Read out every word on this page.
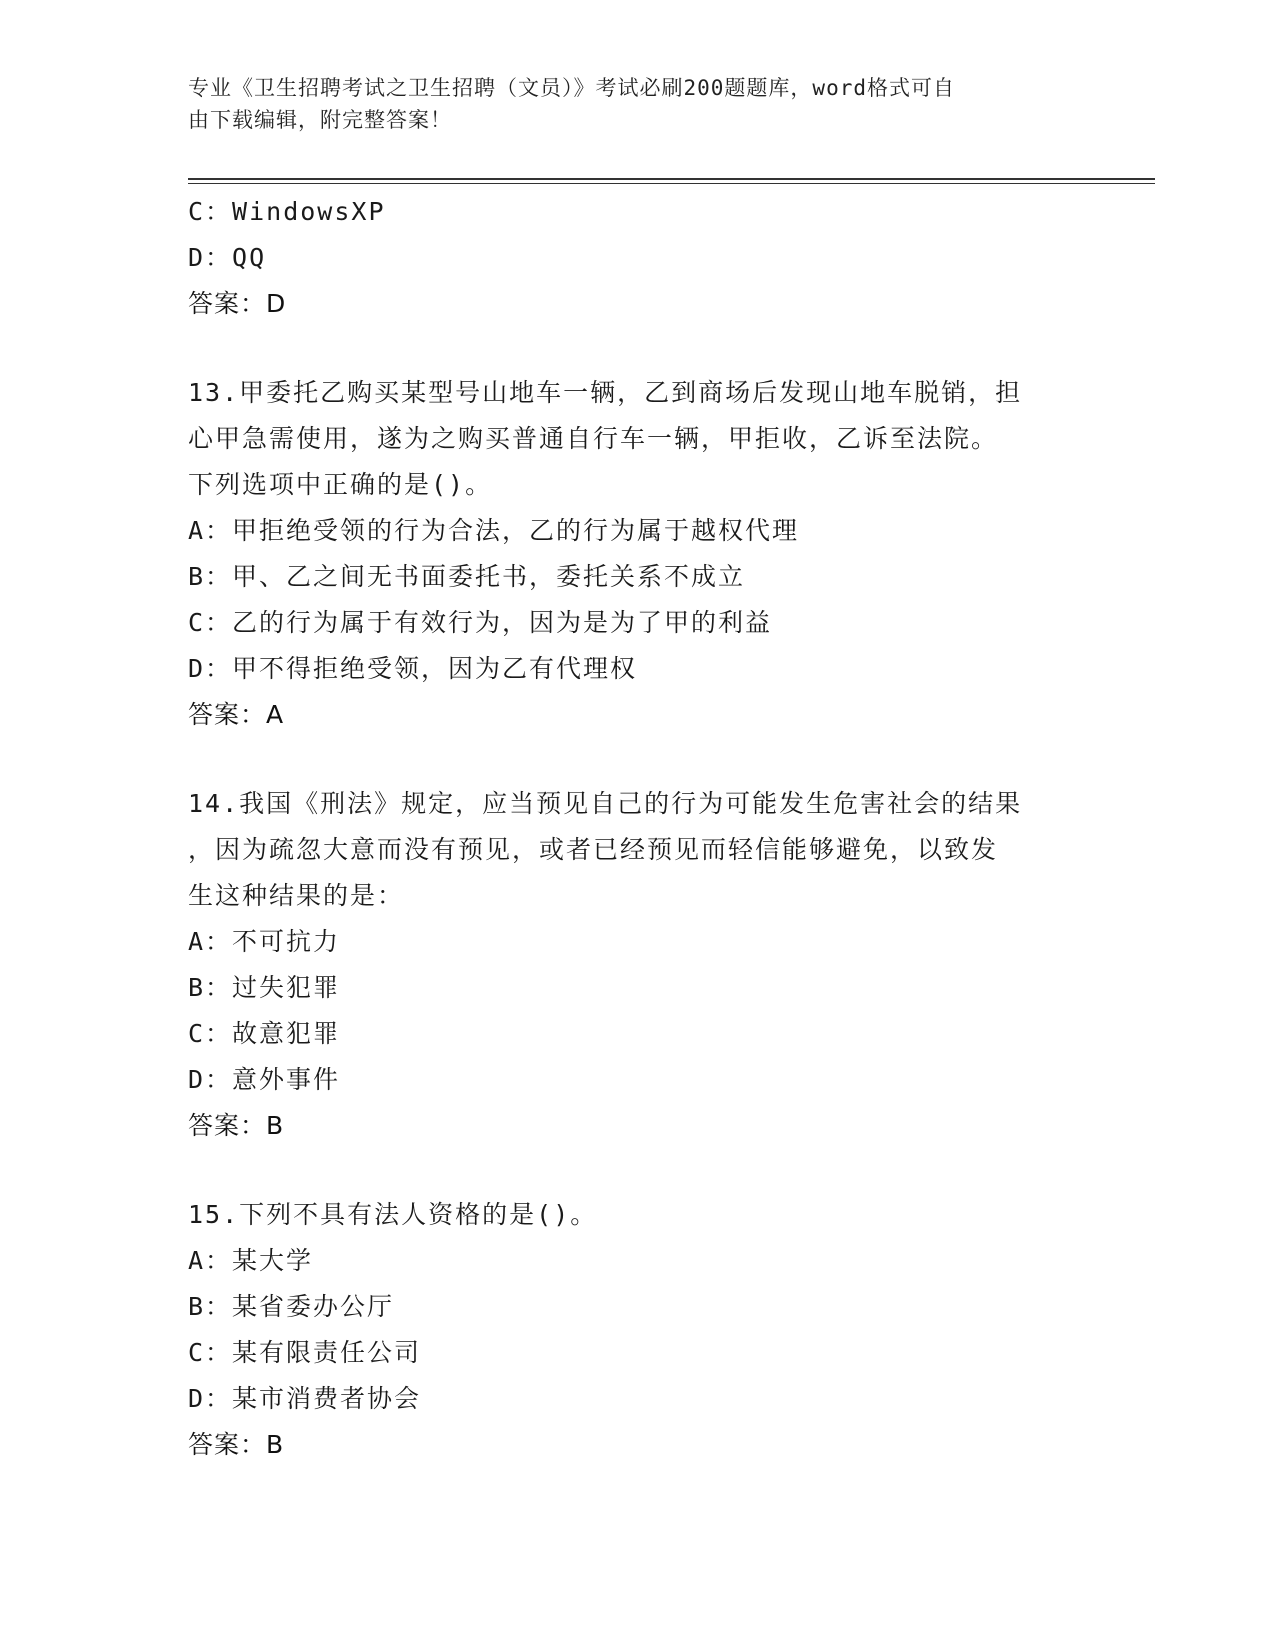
专业《卫生招聘考试之卫生招聘（文员）》考试必刷200题题库，word格式可自
由下载编辑，附完整答案！
C：WindowsXP
D：QQ
答案：D
13.甲委托乙购买某型号山地车一辆，乙到商场后发现山地车脱销，担
心甲急需使用，遂为之购买普通自行车一辆，甲拒收，乙诉至法院。
下列选项中正确的是()。
A：甲拒绝受领的行为合法，乙的行为属于越权代理
B：甲、乙之间无书面委托书，委托关系不成立
C：乙的行为属于有效行为，因为是为了甲的利益
D：甲不得拒绝受领，因为乙有代理权
答案：A
14.我国《刑法》规定，应当预见自己的行为可能发生危害社会的结果
，因为疏忽大意而没有预见，或者已经预见而轻信能够避免，以致发
生这种结果的是：
A：不可抗力
B：过失犯罪
C：故意犯罪
D：意外事件
答案：B
15.下列不具有法人资格的是()。
A：某大学
B：某省委办公厅
C：某有限责任公司
D：某市消费者协会
答案：B
